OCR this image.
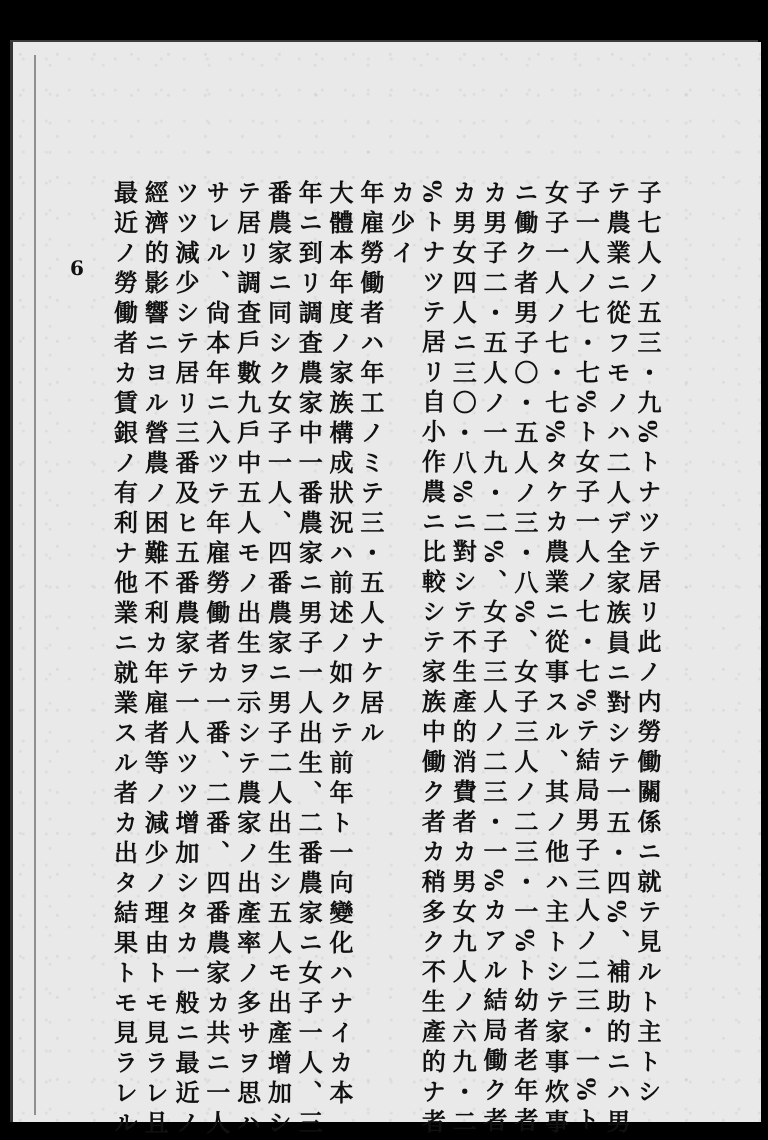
6	子七人ノ五三・九%トナツテ居リ此ノ内勞働關係ニ就テ見ルト主トシ
テ農業ニ從フモノハ二人デ全家族員ニ對シテ一五・四%、補助的ニハ男
子一人ノ七・七%ト女子一人ノ七・七%テ結局男子三人ノ二三・一%ト
女子一人ノ七・七%タケカ農業ニ從事スル、其ノ他ハ主トシテ家事炊事
ニ働ク者男子〇・五人ノ三・八%、女子三人ノ二三・一%ト幼者老年者
カ男子二・五人ノ一九・二%、女子三人ノ二三・一%カアル結局働ク者
カ男女四人ニ三〇・八%ニ對シテ不生產的消費者カ男女九人ノ六九・二
%トナツテ居リ自小作農ニ比較シテ家族中働ク者カ稍多ク不生產的ナ者
カ少イ
年雇勞働者ハ年工ノミテ三・五人ナケ居ル
大體本年度ノ家族構成狀況ハ前述ノ如クテ前年ト一向變化ハナイカ本
年ニ到リ調査農家中一番農家ニ男子一人出生、二番農家ニ女子一人、三
番農家ニ同シク女子一人、四番農家ニ男子二人出生シ五人モ出產增加シ
テ居リ調査戶數九戶中五人モノ出生ヲ示シテ農家ノ出產率ノ多サヲ思ハ
サレル、尙本年ニ入ツテ年雇勞働者カ一番、二番、四番農家カ共ニ一人
ツツ減少シテ居リ三番及ヒ五番農家テ一人ツツ增加シタカ一般ニ最近ノ
經濟的影響ニヨル營農ノ困難不利カ年雇者等ノ減少ノ理由トモ見ラレ且
最近ノ勞働者カ賃銀ノ有利ナ他業ニ就業スル者カ出タ結果トモ見ラレル
